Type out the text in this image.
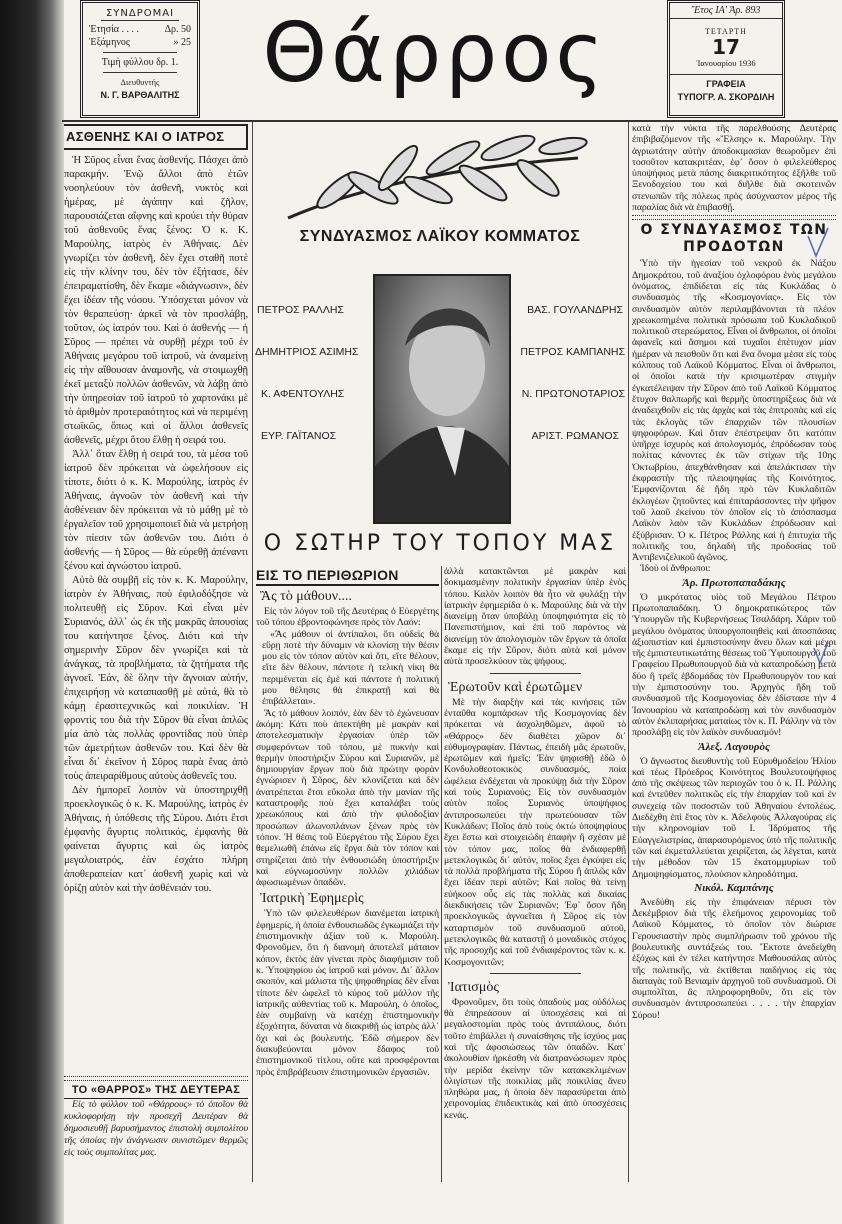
ΣΥΝΔΡΟΜΑΙ
Ἐτησία . . . .	Δρ. 50
Ἑξάμηνος	» 25
Τιμὴ φύλλου δρ. 1.
Διευθυντής
Ν. Γ. ΒΑΡΘΑΛΙΤΗΣ	Θάρρος	Ἔτος ΙΑ' Ἀρ. 893
ΤΕΤΑΡΤΗ
17
Ἰανουαρίου 1936
ΓΡΑΦΕΙΑ
ΤΥΠΟΓΡ. Α. ΣΚΟΡΔΙΛΗ
ΑΣΘΕΝΗΣ ΚΑΙ Ο ΙΑΤΡΟΣ

Ἡ Σῦρος εἶναι ἕνας ἀσθενής. Πάσχει ἀπὸ παρακμήν. Ἐνῷ ἄλλοι ἀπὸ ἐτῶν νοσηλεύουν τὸν ἀσθενῆ, νυκτὸς καὶ ἡμέρας, μὲ ἀγάπην καὶ ζῆλον, παρουσιάζεται αἴφνης καὶ κρούει τὴν θύραν τοῦ ἀσθενοῦς ἕνας ξένος: Ὁ κ. Κ. Μαρούλης, ἰατρὸς ἐν Ἀθήναις. Δὲν γνωρίζει τὸν ἀσθενῆ, δὲν ἔχει σταθῆ ποτὲ εἰς τὴν κλίνην του, δὲν τὸν ἐξήτασε, δὲν ἐπειραματίσθη, δὲν ἔκαμε «διάγνωσιν», δὲν ἔχει ἰδέαν τῆς νόσου. Ὑπόσχεται μόνον νὰ τὸν θεραπεύσῃ· ἀρκεῖ νὰ τὸν προσλάβῃ, τοῦτον, ὡς ἰατρόν του. Καὶ ὁ ἀσθενής — ἡ Σῦρος — πρέπει νὰ συρθῇ μέχρι τοῦ ἐν Ἀθήναις μεγάρου τοῦ ἰατροῦ, νὰ ἀναμείνῃ εἰς τὴν αἴθουσαν ἀναμονῆς, νὰ στοιμωχθῇ ἐκεῖ μεταξὺ πολλῶν ἀσθενῶν, νὰ λάβῃ ἀπὸ τὴν ὑπηρεσίαν τοῦ ἰατροῦ τὸ χαρτονάκι μὲ τὸ ἀριθμὸν προτεραιότητος καὶ νὰ περιμένῃ στωϊκῶς, ὅπως καὶ οἱ ἄλλοι ἀσθενεῖς ἀσθενεῖς, μέχρι ὅτου ἔλθῃ ἡ σειρά του.

Ἀλλ᾽ ὅταν ἔλθῃ ἡ σειρά του, τὰ μέσα τοῦ ἰατροῦ δὲν πρόκειται νὰ ὠφελήσουν εἰς τίποτε, διότι ὁ κ. Κ. Μαρούλης, ἰατρὸς ἐν Ἀθήναις, ἀγνοῶν τὸν ἀσθενῆ καὶ τὴν ἀσθένειαν δὲν πρόκειται νὰ τὸ μάθῃ μὲ τὸ ἐργαλεῖον τοῦ χρησιμοποιεῖ διὰ νὰ μετρήσῃ τὸν πίεσιν τῶν ἀσθενῶν του. Διότι ὁ ἀσθενής — ἡ Σῦρος — θὰ εὑρεθῇ ἀπέναντι ξένου καὶ ἀγνώστου ἰατροῦ.

Αὐτὸ θὰ συμβῇ εἰς τὸν κ. Κ. Μαρούλην, ἰατρὸν ἐν Ἀθήναις, ποὺ ἐφιλοδόξησε νὰ πολιτευθῇ εἰς Σῦρον. Καὶ εἶναι μὲν Συριανός, ἀλλ᾽ ὡς ἐκ τῆς μακρᾶς ἀπουσίας του κατήντησε ξένος. Διότι καὶ τὴν σημερινὴν Σῦρον δὲν γνωρίζει καὶ τὰ ἀνάγκας, τὰ προβλήματα, τὰ ζητήματα τῆς ἀγνοεῖ. Ἐάν, δὲ ὅλην τὴν ἄγνοιαν αὐτήν, ἐπιχειρήσῃ νὰ καταπιασθῇ μὲ αὐτά, θὰ τὸ κάμῃ ἐρασιτεχνικῶς καὶ ποικιλίαν. Ἡ φροντὶς του διὰ τὴν Σῦρον θὰ εἶναι ἁπλῶς μία ἀπὸ τὰς πολλὰς φροντίδας ποὺ ὑπὲρ τῶν ἀμετρήτων ἀσθενῶν του. Καὶ δὲν θὰ εἶναι δι᾽ ἐκεῖνον ἡ Σῦρος παρὰ ἕνας ἀπὸ τοὺς ἀπειραρίθμους αὐτοὺς ἀσθενεῖς του.

Δὲν ἠμπορεῖ λοιπὸν νὰ ὑποστηριχθῇ προεκλογικῶς ὁ κ. Κ. Μαρούλης, ἰατρὸς ἐν Ἀθήναις, ἡ ὑπόθεσις τῆς Σύρου. Διότι ἔτσι ἐμφανὴς ἄγυρτις πολιτικός, ἐμφανὴς θὰ φαίνεται ἄγυρτις καὶ ὡς ἰατρὸς μεγαλοιατρός, ἐὰν ἐσχάτο πλήρη ἀποθεραπείαν κατ᾽ ἀσθενῆ χωρὶς καὶ νὰ ὁρίζῃ αὐτὸν καὶ τὴν ἀσθένειάν του.

ΤΟ «ΘΑΡΡΟΣ» ΤΗΣ ΔΕΥΤΕΡΑΣ

Εἰς τὸ φύλλον τοῦ «Θάρρους» τὸ ὁποῖον θὰ κυκλοφορήσῃ τὴν προσεχῆ Δευτέραν θὰ δημοσιευθῇ βαρυσήμαντος ἐπιστολὴ συμπολίτου τῆς ὁποίας τὴν ἀνάγνωσιν συνιστῶμεν θερμῶς εἰς τοὺς συμπολίτας μας.

ΣΥΝΔΥΑΣΜΟΣ ΛΑΪΚΟΥ ΚΟΜΜΑΤΟΣ
ΠΕΤΡΟΣ ΡΑΛΛΗΣ
ΔΗΜΗΤΡΙΟΣ ΑΣΙΜΗΣ
Κ. ΑΦΕΝΤΟΥΛΗΣ
ΕΥΡ. ΓΑΪΤΑΝΟΣ
ΒΑΣ. ΓΟΥΛΑΝΔΡΗΣ
ΠΕΤΡΟΣ ΚΑΜΠΑΝΗΣ
Ν. ΠΡΩΤΟΝΟΤΑΡΙΟΣ
ΑΡΙΣΤ. ΡΩΜΑΝΟΣ
Ο ΣΩΤΗΡ ΤΟΥ ΤΟΠΟΥ ΜΑΣ
ΕΙΣ ΤΟ ΠΕΡΙΘΩΡΙΟΝ
Ἂς τὸ μάθουν....

Εἰς τὸν λόγον τοῦ τῆς Δευτέρας ὁ Εὐεργέτης τοῦ τόπου ἐβροντοφώνησε πρὸς τὸν Λαόν:

«Ἂς μάθουν οἱ ἀντίπαλοι, ὅτι οὐδεὶς θὰ εὕρῃ ποτὲ τὴν δύναμιν νὰ κλονίσῃ τὴν θέσιν μου εἰς τὸν τόπον αὐτὸν καὶ ὅτι, εἴτε θέλουν, εἴτε δὲν θέλουν, πάντοτε ἡ τελικὴ νίκη θὰ περιμένεται εἰς ἐμὲ καὶ πάντοτε ἡ πολιτική μου θέλησις θὰ ἐπικρατῇ καὶ θὰ ἐπιβάλλεται».

Ἂς τὸ μάθουν λοιπόν, ἐὰν δὲν τὸ ἐχώνευσαν ἀκόμη: Κάτι ποὺ ἀπεκτήθη μὲ μακρὰν καὶ ἀποτελεσματικὴν ἐργασίαν ὑπὲρ τῶν συμφερόντων τοῦ τόπου, μὲ πυκνὴν καὶ θερμὴν ὑποστήριξιν Σύρου καὶ Συριανῶν, μὲ δημιουργίαν ἔργων ποὺ διὰ πρώτην φορὰν ἐγνώρισεν ἡ Σῦρος, δὲν κλονίζεται καὶ δὲν ἀνατρέπεται ἔτσι εὔκολα ἀπὸ τὴν μανίαν τῆς καταστροφῆς ποὺ ἔχει καταλάβει τοὺς χρεωκόπους καὶ ἀπὸ τὴν φιλοδοξίαν προσώπων ἀλωνοπλάνων ξένων πρὸς τὸν τόπον. Ἡ θέσις τοῦ Εὐεργέτου τῆς Σύρου ἔχει θεμελιωθῆ ἐπάνω εἰς ἔργα διὰ τὸν τόπον καὶ στηρίζεται ἀπὸ τὴν ἐνθουσιώδη ὑποστήριξιν καὶ εὐγνωμοσύνην πολλῶν χιλιάδων ἀφωσιωμένων ὀπαδῶν.

Ἰατρικὴ Ἐφημερὶς

Ὑπὸ τῶν φιλελευθέρων διανέμεται ἰατρικὴ ἐφημερίς, ἡ ὁποία ἐνθουσιωδῶς ἐγκωμιάζει τὴν ἐπιστημονικὴν ἀξίαν τοῦ κ. Μαρούλη. Φρονοῦμεν, ὅτι ἡ διανομὴ ἀποτελεῖ μάταιον κόπον, ἐκτὸς ἐὰν γίνεται πρὸς διαφήμισιν τοῦ κ. Ὑποψηφίου ὡς ἰατροῦ καὶ μόνον. Δι᾽ ἄλλον σκοπόν, καὶ μάλιστα τῆς ψηφοθηρίας δὲν εἶναι τίποτε δὲν ὠφελεῖ τὸ κύρος τοῦ μάλλον τῆς ἰατρικῆς αὐθεντίας τοῦ κ. Μαρούλη, ὁ ὁποῖος, ἐὰν συμβαίνῃ νὰ κατέχῃ ἐπιστημονικὴν ἐξοχότητα, δύναται νὰ διακριθῇ ὡς ἰατρὸς ἀλλ᾽ ὄχι καὶ ὡς βουλευτής. Ἐδῶ σήμερον δὲν διακυβεύονται μόνον ἔδαφος τοῦ ἐπιστημονικοῦ τίτλου, οὔτε καὶ προσφέρονται πρὸς ἐπιβράβευσιν ἐπιστημονικῶν ἐργασιῶν.

ἀλλὰ κατακτῶνται μὲ μακρὰν καὶ δοκιμασμένην πολιτικὴν ἐργασίαν ὑπὲρ ἑνὸς τόπου. Καλὸν λοιπὸν θὰ ἦτο νὰ φυλάξῃ τὴν ἰατρικὴν ἐφημερίδα ὁ κ. Μαρούλης διὰ νὰ τὴν διανείμῃ ὅταν ὑποβάλῃ ὑποψηφιότητα εἰς τὸ Πανεπιστήμιον, καὶ ἐπὶ τοῦ παρόντος νὰ διανείμῃ τὸν ἀπολογισμὸν τῶν ἔργων τὰ ὁποῖα ἔκαμε εἰς τὴν Σῦρον, διότι αὐτὰ καὶ μόνον αὐτὰ προσελκύουν τὰς ψήφους.

Ἐρωτοῦν καὶ ἐρωτῶμεν

Μὲ τὴν διαρξὴν καὶ τὰς κινήσεις τῶν ἐνταῦθα κομπάρσων τῆς Κοσμογονίας δὲν πρόκειται νὰ ἀσχοληθῶμεν, ἀφοῦ τὸ «Θάρρος» δὲν διαθέτει χῶρον δι᾽ εὐθυμογραφίαν. Πάντως, ἐπειδὴ μᾶς ἐρωτοῦν, ἐρωτῶμεν καὶ ἡμεῖς: Ἐὰν ψηφισθῇ ἐδῶ ὁ Κονδυλοθεοτοκικὸς συνδυασμός, ποία ὠφέλεια ἐνδέχεται νὰ προκύψῃ διὰ τὴν Σῦρον καὶ τοὺς Συριανούς; Εἰς τὸν συνδυασμὸν αὐτὸν ποῖος Συριανὸς ὑποψήφιος ἀντιπροσωπεύει τὴν πρωτεύουσαν τῶν Κυκλάδων; Ποῖος ἀπὸ τοὺς ὀκτὼ ὑποψηφίους ἔχει ἔστω καὶ στοιχειώδη ἐπαφὴν ἢ σχέσιν μὲ τὸν τόπον μας, ποῖος θὰ ἐνδιαφερθῇ μετεκλογικῶς δι᾽ αὐτόν, ποῖος ἔχει ἐγκύψει εἰς τὰ πολλὰ προβλήματα τῆς Σύρου ἢ ἁπλῶς κἂν ἔχει ἰδέαν περὶ αὐτῶν; Καὶ ποῖος θὰ τείνῃ εὐήκοον οὖς εἰς τὰς πολλὰς καὶ δικαίας διεκδικήσεις τῶν Συριανῶν; Ἐφ᾽ ὅσον ἤδη προεκλογικῶς ἀγνοεῖται ἡ Σῦρος εἰς τὸν καταρτισμὸν τοῦ συνδυασμοῦ αὐτοῦ, μετεκλογικῶς θὰ καταστῇ ὁ μοναδικὸς στόχος τῆς προσοχῆς καὶ τοῦ ἐνδιαφέροντος τῶν κ. κ. Κοσμογονιτῶν;

Ἰατισμὸς

Φρονοῦμεν, ὅτι τοὺς ὀπαδοὺς μας οὐδόλως θὰ ἐπηρεάσουν αἱ ὑποσχέσεις καὶ αἱ μεγαλοστομίαι πρὸς τοὺς ἀντιπάλους, διότι τοῦτο ἐπιβάλλει ἡ συναίσθησις τῆς ἰσχύος μας καὶ τῆς ἀφοσιώσεως τῶν ὀπαδῶν. Κατ᾽ ἀκολουθίαν ἠρκέσθη νὰ διατρανώσωμεν πρὸς τὴν μερίδα ἐκείνην τῶν κατακεκλιμένων ὀλιγίστων τῆς ποικιλίας μᾶς ποικιλίας ἄνευ πληθώρα μας, ἡ ὁποία δὲν παρασύρεται ἀπὸ χειρονομίας ἐπιδεικτικὰς καὶ ἀπὸ ὑποσχέσεις κενάς.

κατὰ τὴν νύκτα τῆς παρελθούσης Δευτέρας ἐπιβιβαζόμενον τῆς «Ἔλσης» κ. Μαρούλην. Τὴν ἀγριωτάτην αὐτὴν ἀποδοκιμασίαν θεωροῦμεν ἐπὶ τοσοῦτον κατακριτέαν, ἐφ᾽ ὅσον ὁ φιλελεύθερος ὑποψήφιος μετὰ πάσης διακριτικότητος ἐξῆλθε τοῦ Ξενοδοχείου του καὶ διῆλθε διὰ σκοτεινῶν στενωπῶν τῆς πόλεως πρὸς ἀσύχναστον μέρος τῆς παραλίας διὰ νὰ ἐπιβασθῇ.

Ο ΣΥΝΔΥΑΣΜΟΣ ΤΩΝ ΠΡΟΔΟΤΩΝ

Ὑπὸ τὴν ἡγεσίαν τοῦ νεκροῦ ἐκ Νάξου Δημοκράτου, τοῦ ἀναξίου ὀχλοφόρου ἑνὸς μεγάλου ὀνόματος, ἐπιδίδεται εἰς τὰς Κυκλάδας ὁ συνδυασμὸς τῆς «Κοσμογονίας». Εἰς τὸν συνδυασμὸν αὐτὸν περιλαμβάνονται τὰ πλέον χρεωκοπημένα πολιτικὰ πρόσωπα τοῦ Κυκλαδικοῦ πολιτικοῦ στερεώματος. Εἶναι οἱ ἄνθρωποι, οἱ ὁποῖοι ἀφανεῖς καὶ ἄσημοι καὶ τυχαῖοι ἐπέτυχον μίαν ἡμέραν νὰ πεισθοῦν ὅτι καὶ ἕνα ὄνομα μέσα εἰς τοὺς κόλπους τοῦ Λαϊκοῦ Κόμματος. Εἶναι οἱ ἄνθρωποι, οἱ ὁποῖοι κατὰ τὴν κρισιμωτέραν στιγμὴν ἐγκατέλειψαν τὴν Σῦρον ἀπὸ τοῦ Λαϊκοῦ Κόμματος ἔτυχον θαλπωρῆς καὶ θερμῆς ὑποστηρίξεως διὰ νὰ ἀναδειχθοῦν εἰς τὰς ἀρχὰς καὶ τὰς ἐπιτροπὰς καὶ εἰς τὰς ἐκλογὰς τῶν ἐπαρχιῶν τῶν πλουσίων ψηφοφόρων. Καὶ ὅταν ἐπέστρεψαν ὅτι κατόπιν ὑπῆρχε ἰσχυρὸς καὶ ἀπολογισμός, ἐπρόδωσαν τοὺς πολίτας κάνοντες ἐκ τῶν στίχων τῆς 10ης Ὀκτωβρίου, ἀπεχθάνθησαν καὶ ἀπελάκτισαν τὴν ἐκφραστὴν τῆς πλειοψηφίας τῆς Κοινότητος. Ἐμφανίζονται δὲ ἤδη πρὸ τῶν Κυκλαδιτῶν ἐκλογέων ζητοῦντες καὶ ἐπιταράσσοντες τὴν ψῆφον τοῦ λαοῦ ἐκείνου τὸν ὁποῖον εἰς τὸ ἀπόσπασμα Λαϊκὸν λαὸν τῶν Κυκλάδων ἐπρόδωσαν καὶ ἐξύβρισαν. Ὁ κ. Πέτρος Ράλλης καὶ ἡ ἐπιτυχία τῆς πολιτικῆς του, δηλαδὴ τῆς προδοσίας τοῦ Ἀντιβενιζελικοῦ ἀγῶνος.

Ἰδοὺ οἱ ἄνθρωποι:

Ἀρ. Πρωτοπαπαδάκης

Ὁ μικρότατος υἱὸς τοῦ Μεγάλου Πέτρου Πρωτοπαπαδάκη. Ὁ δημοκρατικώτερος τῶν Ὑπουργῶν τῆς Κυβερνήσεως Τσαλδάρη. Χάριν τοῦ μεγάλου ὀνόματος ὑπουργοποιηθεὶς καὶ ἀποσπάσας ἀξιοπιστίαν καὶ ἐμπιστοσύνην ἄνευ ὅλων καὶ μέχρι τῆς ἐμπιστευτικωτάτης θέσεως τοῦ Ὑφυπουργοῦ τοῦ Γραφείου Πρωθυπουργοῦ διὰ νὰ καταπροδώσῃ μετὰ δύο ἢ τρεῖς ἑβδομάδας τὸν Πρωθυπουργὸν του καὶ τὴν ἐμπιστοσύνην του. Ἀρχηγὸς ἤδη τοῦ συνδυασμοῦ τῆς Κοσμογονίας δὲν ἐδίστασε τὴν 4 Ἰανουαρίου νὰ καταπροδώσῃ καὶ τὸν συνδυασμὸν αὐτὸν ἐκλιπαρήσας ματαίως τὸν κ. Π. Ράλλην νὰ τὸν προσλάβῃ εἰς τὸν λαϊκὸν συνδυασμόν!

Ἀλεξ. Λαγουρὸς

Ὁ ἄγνωστος διευθυντὴς τοῦ Εὐρυθμοδείου Ἠλίου καὶ τέως Πρόεδρος Κοινότητος Βουλευτοψήφιος ἀπὸ τῆς σκέψεως τῶν περιοχῶν του ὁ κ. Π. Ράλλης καὶ ἐντεῦθεν πολιτικῶς εἰς τὴν ἐπαρχίαν τοῦ καὶ ἐν συνεχείᾳ τῶν ποσοστῶν τοῦ Ἀθηναίου ἐντολέως. Διεδέχθη ἐπὶ ἔτος τὸν κ. Ἀδελφοὺς Ἀλλαγούρας εἰς τὴν κληρονομίαν τοῦ Ι. Ἱδρύματος τῆς Εὐαγγελιστρίας, ἀπαρασυρόμενος ὑπὸ τῆς πολιτικῆς τῶν καὶ ἐκμεταλλεύεται χειρίζεται, ὡς λέγεται, κατὰ τὴν μέθοδον τῶν 15 ἑκατομμυρίων τοῦ Δημοψηφίσματος, πλούσιον κληροδότημα.

Νικόλ. Καμπάνης

Ἀνεδύθη εἰς τὴν ἐπιφάνειαν πέρυσι τὸν Δεκέμβριον διὰ τῆς ἐλεήμονος χειρονομίας τοῦ Λαϊκοῦ Κόμματος, τὸ ὁποῖον τὸν διώρισε Γερουσιαστὴν πρὸς συμπλήρωσιν τοῦ χρόνου τῆς βουλευτικῆς συντάξεώς του. Ἔκτοτε ἀνεδείχθη ἐξόχως καὶ ἐν τέλει κατήντησε Μαθουσάλας αὐτὸς τῆς πολιτικῆς, νὰ ἐκτίθεται παιδήνιος εἰς τὰς διαταγὰς τοῦ Βενιαμὶν ἀρχηγοῦ τοῦ συνδυασμοῦ. Οἱ συμπολῖται, ἂς πληροφορηθοῦν, ὅτι εἰς τὸν συνδυασμὸν ἀντιπροσωπεύει . . . . τὴν ἐπαρχίαν Σύρου!
